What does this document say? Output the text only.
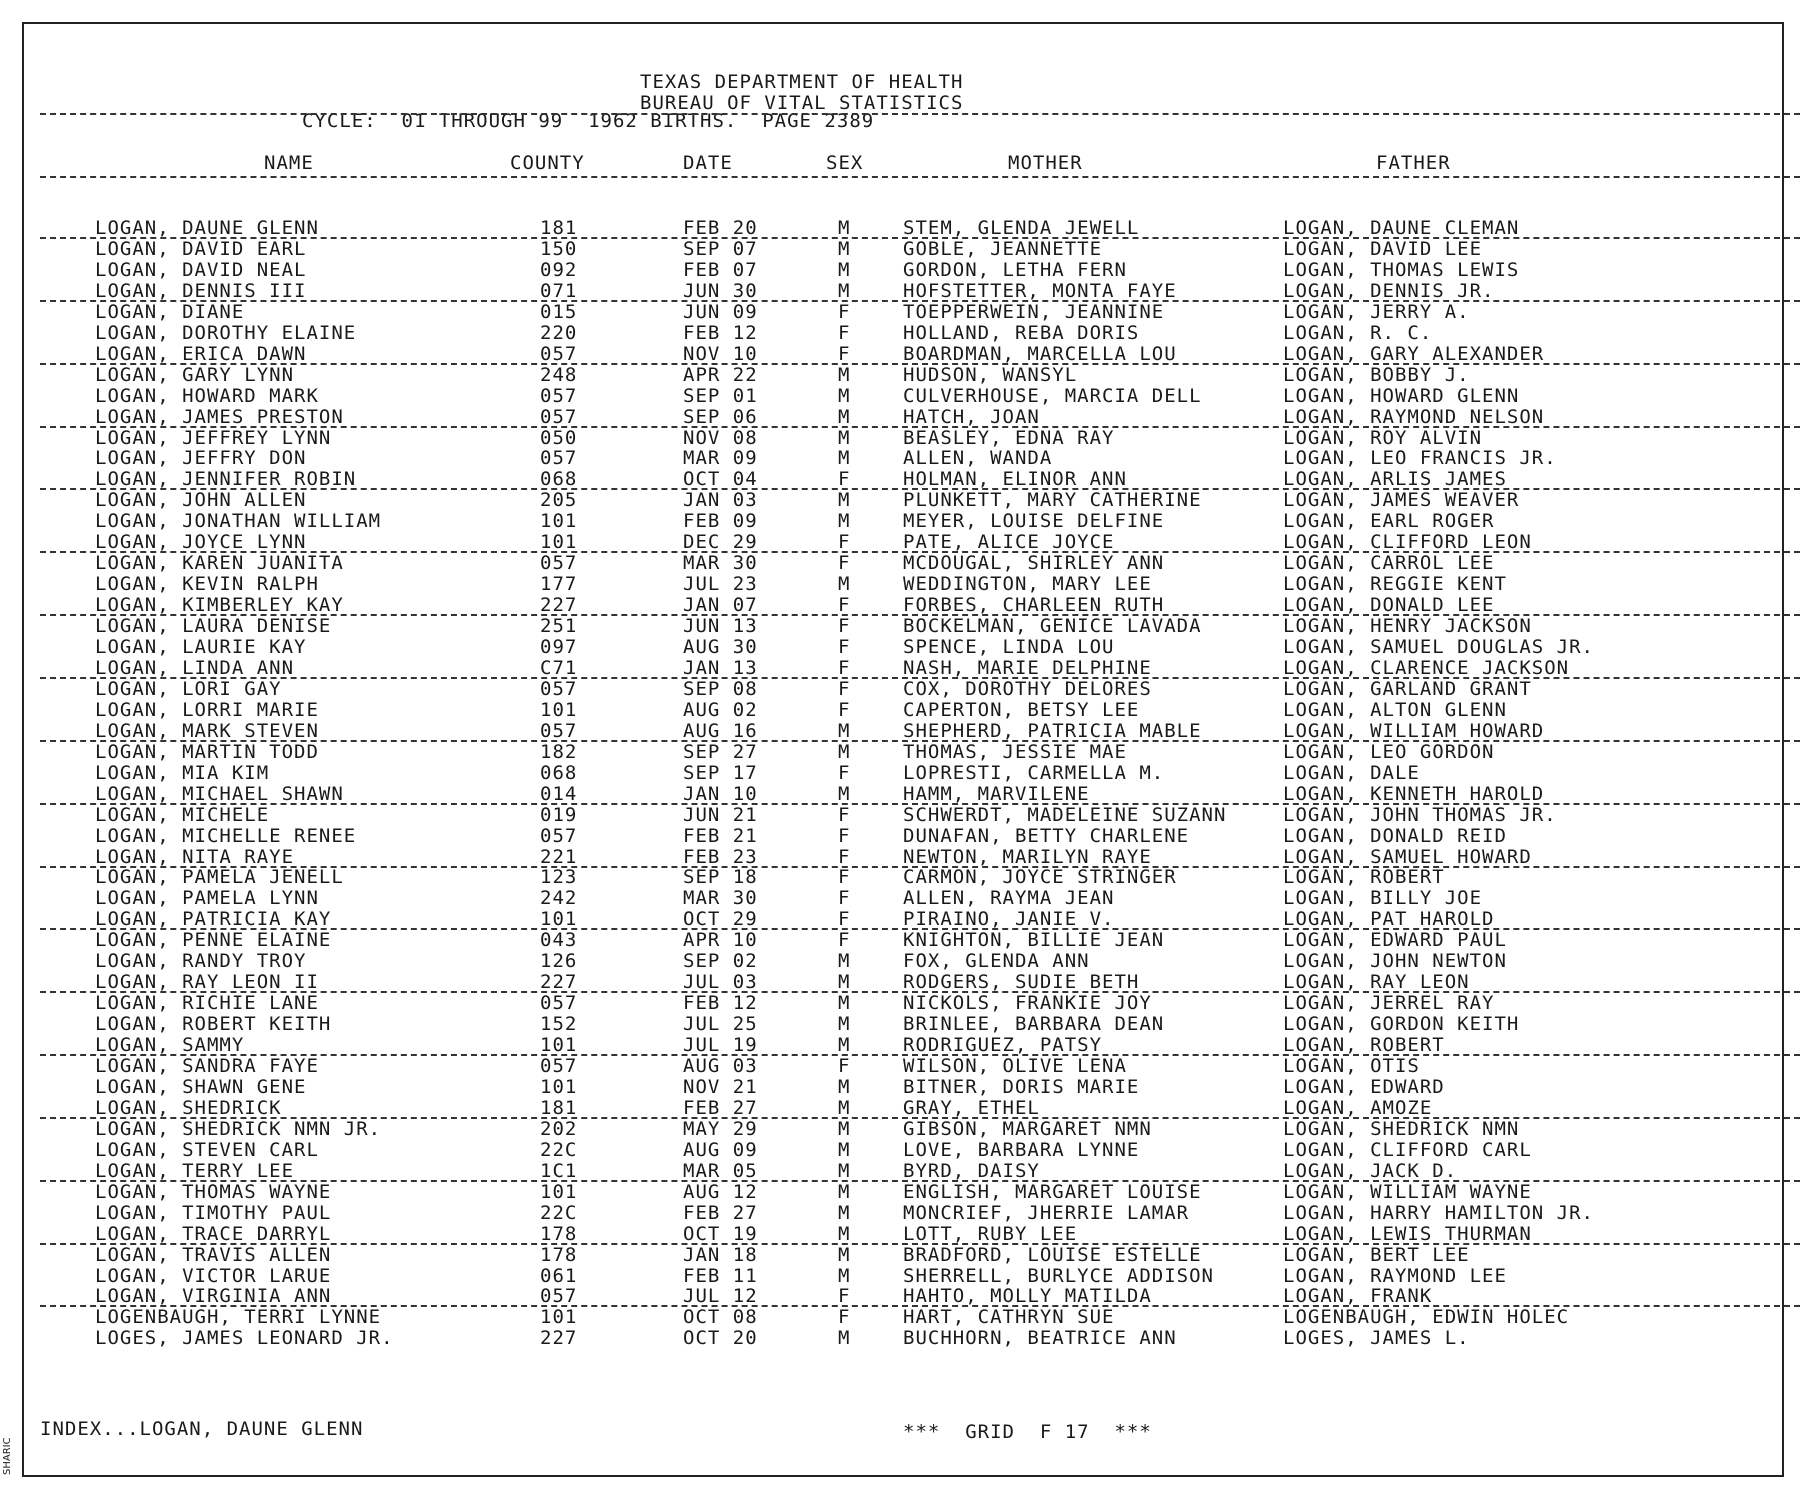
TEXAS DEPARTMENT OF HEALTH
BUREAU OF VITAL STATISTICS
CYCLE:  01 THROUGH 99  1962 BIRTHS.  PAGE 2389
NAME	COUNTY	DATE	SEX	MOTHER	FATHER
LOGAN, DAUNE GLENN	181	FEB 20	M	STEM, GLENDA JEWELL	LOGAN, DAUNE CLEMAN
LOGAN, DAVID EARL	150	SEP 07	M	GOBLE, JEANNETTE	LOGAN, DAVID LEE
LOGAN, DAVID NEAL	092	FEB 07	M	GORDON, LETHA FERN	LOGAN, THOMAS LEWIS
LOGAN, DENNIS III	071	JUN 30	M	HOFSTETTER, MONTA FAYE	LOGAN, DENNIS JR.
LOGAN, DIANE	015	JUN 09	F	TOEPPERWEIN, JEANNINE	LOGAN, JERRY A.
LOGAN, DOROTHY ELAINE	220	FEB 12	F	HOLLAND, REBA DORIS	LOGAN, R. C.
LOGAN, ERICA DAWN	057	NOV 10	F	BOARDMAN, MARCELLA LOU	LOGAN, GARY ALEXANDER
LOGAN, GARY LYNN	248	APR 22	M	HUDSON, WANSYL	LOGAN, BOBBY J.
LOGAN, HOWARD MARK	057	SEP 01	M	CULVERHOUSE, MARCIA DELL	LOGAN, HOWARD GLENN
LOGAN, JAMES PRESTON	057	SEP 06	M	HATCH, JOAN	LOGAN, RAYMOND NELSON
LOGAN, JEFFREY LYNN	050	NOV 08	M	BEASLEY, EDNA RAY	LOGAN, ROY ALVIN
LOGAN, JEFFRY DON	057	MAR 09	M	ALLEN, WANDA	LOGAN, LEO FRANCIS JR.
LOGAN, JENNIFER ROBIN	068	OCT 04	F	HOLMAN, ELINOR ANN	LOGAN, ARLIS JAMES
LOGAN, JOHN ALLEN	205	JAN 03	M	PLUNKETT, MARY CATHERINE	LOGAN, JAMES WEAVER
LOGAN, JONATHAN WILLIAM	101	FEB 09	M	MEYER, LOUISE DELFINE	LOGAN, EARL ROGER
LOGAN, JOYCE LYNN	101	DEC 29	F	PATE, ALICE JOYCE	LOGAN, CLIFFORD LEON
LOGAN, KAREN JUANITA	057	MAR 30	F	MCDOUGAL, SHIRLEY ANN	LOGAN, CARROL LEE
LOGAN, KEVIN RALPH	177	JUL 23	M	WEDDINGTON, MARY LEE	LOGAN, REGGIE KENT
LOGAN, KIMBERLEY KAY	227	JAN 07	F	FORBES, CHARLEEN RUTH	LOGAN, DONALD LEE
LOGAN, LAURA DENISE	251	JUN 13	F	BOCKELMAN, GENICE LAVADA	LOGAN, HENRY JACKSON
LOGAN, LAURIE KAY	097	AUG 30	F	SPENCE, LINDA LOU	LOGAN, SAMUEL DOUGLAS JR.
LOGAN, LINDA ANN	C71	JAN 13	F	NASH, MARIE DELPHINE	LOGAN, CLARENCE JACKSON
LOGAN, LORI GAY	057	SEP 08	F	COX, DOROTHY DELORES	LOGAN, GARLAND GRANT
LOGAN, LORRI MARIE	101	AUG 02	F	CAPERTON, BETSY LEE	LOGAN, ALTON GLENN
LOGAN, MARK STEVEN	057	AUG 16	M	SHEPHERD, PATRICIA MABLE	LOGAN, WILLIAM HOWARD
LOGAN, MARTIN TODD	182	SEP 27	M	THOMAS, JESSIE MAE	LOGAN, LEO GORDON
LOGAN, MIA KIM	068	SEP 17	F	LOPRESTI, CARMELLA M.	LOGAN, DALE
LOGAN, MICHAEL SHAWN	014	JAN 10	M	HAMM, MARVILENE	LOGAN, KENNETH HAROLD
LOGAN, MICHELE	019	JUN 21	F	SCHWERDT, MADELEINE SUZANN	LOGAN, JOHN THOMAS JR.
LOGAN, MICHELLE RENEE	057	FEB 21	F	DUNAFAN, BETTY CHARLENE	LOGAN, DONALD REID
LOGAN, NITA RAYE	221	FEB 23	F	NEWTON, MARILYN RAYE	LOGAN, SAMUEL HOWARD
LOGAN, PAMELA JENELL	123	SEP 18	F	CARMON, JOYCE STRINGER	LOGAN, ROBERT
LOGAN, PAMELA LYNN	242	MAR 30	F	ALLEN, RAYMA JEAN	LOGAN, BILLY JOE
LOGAN, PATRICIA KAY	101	OCT 29	F	PIRAINO, JANIE V.	LOGAN, PAT HAROLD
LOGAN, PENNE ELAINE	043	APR 10	F	KNIGHTON, BILLIE JEAN	LOGAN, EDWARD PAUL
LOGAN, RANDY TROY	126	SEP 02	M	FOX, GLENDA ANN	LOGAN, JOHN NEWTON
LOGAN, RAY LEON II	227	JUL 03	M	RODGERS, SUDIE BETH	LOGAN, RAY LEON
LOGAN, RICHIE LANE	057	FEB 12	M	NICKOLS, FRANKIE JOY	LOGAN, JERREL RAY
LOGAN, ROBERT KEITH	152	JUL 25	M	BRINLEE, BARBARA DEAN	LOGAN, GORDON KEITH
LOGAN, SAMMY	101	JUL 19	M	RODRIGUEZ, PATSY	LOGAN, ROBERT
LOGAN, SANDRA FAYE	057	AUG 03	F	WILSON, OLIVE LENA	LOGAN, OTIS
LOGAN, SHAWN GENE	101	NOV 21	M	BITNER, DORIS MARIE	LOGAN, EDWARD
LOGAN, SHEDRICK	181	FEB 27	M	GRAY, ETHEL	LOGAN, AMOZE
LOGAN, SHEDRICK NMN JR.	202	MAY 29	M	GIBSON, MARGARET NMN	LOGAN, SHEDRICK NMN
LOGAN, STEVEN CARL	22C	AUG 09	M	LOVE, BARBARA LYNNE	LOGAN, CLIFFORD CARL
LOGAN, TERRY LEE	1C1	MAR 05	M	BYRD, DAISY	LOGAN, JACK D.
LOGAN, THOMAS WAYNE	101	AUG 12	M	ENGLISH, MARGARET LOUISE	LOGAN, WILLIAM WAYNE
LOGAN, TIMOTHY PAUL	22C	FEB 27	M	MONCRIEF, JHERRIE LAMAR	LOGAN, HARRY HAMILTON JR.
LOGAN, TRACE DARRYL	178	OCT 19	M	LOTT, RUBY LEE	LOGAN, LEWIS THURMAN
LOGAN, TRAVIS ALLEN	178	JAN 18	M	BRADFORD, LOUISE ESTELLE	LOGAN, BERT LEE
LOGAN, VICTOR LARUE	061	FEB 11	M	SHERRELL, BURLYCE ADDISON	LOGAN, RAYMOND LEE
LOGAN, VIRGINIA ANN	057	JUL 12	F	HAHTO, MOLLY MATILDA	LOGAN, FRANK
LOGENBAUGH, TERRI LYNNE	101	OCT 08	F	HART, CATHRYN SUE	LOGENBAUGH, EDWIN HOLEC
LOGES, JAMES LEONARD JR.	227	OCT 20	M	BUCHHORN, BEATRICE ANN	LOGES, JAMES L.
INDEX...LOGAN, DAUNE GLENN	***  GRID  F 17  ***
SHARIC
